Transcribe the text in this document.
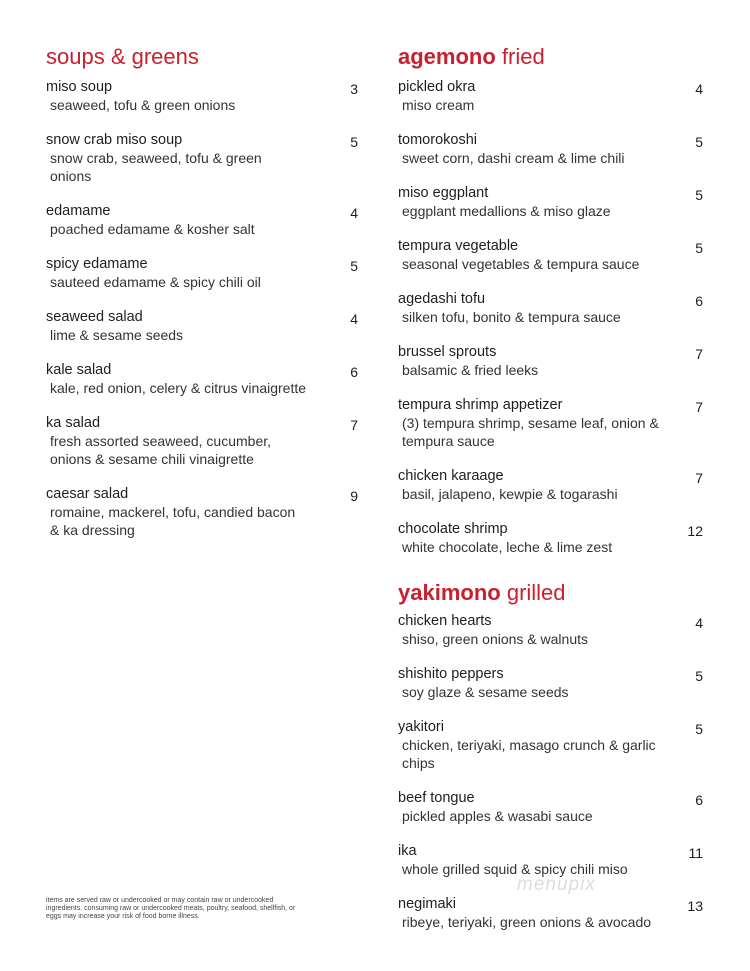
soups & greens
miso soup
seaweed, tofu & green onions
3
snow crab miso soup
snow crab, seaweed, tofu & green onions
5
edamame
poached edamame & kosher salt
4
spicy edamame
sauteed edamame & spicy chili oil
5
seaweed salad
lime & sesame seeds
4
kale salad
kale, red onion, celery & citrus vinaigrette
6
ka salad
fresh assorted seaweed, cucumber, onions & sesame chili vinaigrette
7
caesar salad
romaine, mackerel, tofu, candied bacon & ka dressing
9
agemono fried
pickled okra
miso cream
4
tomorokoshi
sweet corn, dashi cream & lime chili
5
miso eggplant
eggplant medallions & miso glaze
5
tempura vegetable
seasonal vegetables & tempura sauce
5
agedashi tofu
silken tofu, bonito & tempura sauce
6
brussel sprouts
balsamic & fried leeks
7
tempura shrimp appetizer
(3) tempura shrimp, sesame leaf, onion & tempura sauce
7
chicken karaage
basil, jalapeno, kewpie & togarashi
7
chocolate shrimp
white chocolate, leche & lime zest
12
yakimono grilled
chicken hearts
shiso, green onions & walnuts
4
shishito peppers
soy glaze & sesame seeds
5
yakitori
chicken, teriyaki, masago crunch & garlic chips
5
beef tongue
pickled apples & wasabi sauce
6
ika
whole grilled squid & spicy chili miso
11
negimaki
ribeye, teriyaki, green onions & avocado
13
items are served raw or undercooked or may contain raw or undercooked ingredients. consuming raw or undercooked meats, poultry, seafood, shellfish, or eggs may increase your risk of food borne illness.
menupix
